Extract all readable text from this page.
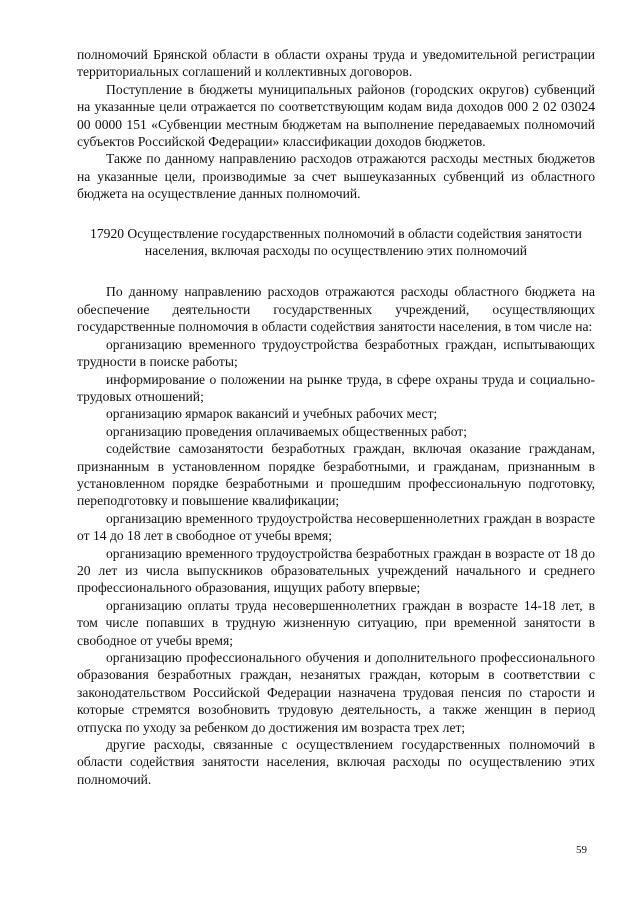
полномочий Брянской области в области охраны труда и уведомительной регистрации территориальных соглашений и коллективных договоров.

Поступление в бюджеты муниципальных районов (городских округов) субвенций на указанные цели отражается по соответствующим кодам вида доходов 000 2 02 03024 00 0000 151 «Субвенции местным бюджетам на выполнение передаваемых полномочий субъектов Российской Федерации» классификации доходов бюджетов.

Также по данному направлению расходов отражаются расходы местных бюджетов на указанные цели, производимые за счет вышеуказанных субвенций из областного бюджета на осуществление данных полномочий.

17920 Осуществление государственных полномочий в области содействия занятости населения, включая расходы по осуществлению этих полномочий

По данному направлению расходов отражаются расходы областного бюджета на обеспечение деятельности государственных учреждений, осуществляющих государственные полномочия в области содействия занятости населения, в том числе на:

организацию временного трудоустройства безработных граждан, испытывающих трудности в поиске работы;

информирование о положении на рынке труда, в сфере охраны труда и социально-трудовых отношений;

организацию ярмарок вакансий и учебных рабочих мест;

организацию проведения оплачиваемых общественных работ;

содействие самозанятости безработных граждан, включая оказание гражданам, признанным в установленном порядке безработными, и гражданам, признанным в установленном порядке безработными и прошедшим профессиональную подготовку, переподготовку и повышение квалификации;

организацию временного трудоустройства несовершеннолетних граждан в возрасте от 14 до 18 лет в свободное от учебы время;

организацию временного трудоустройства безработных граждан в возрасте от 18 до 20 лет из числа выпускников образовательных учреждений начального и среднего профессионального образования, ищущих работу впервые;

организацию оплаты труда несовершеннолетних граждан в возрасте 14-18 лет, в том числе попавших в трудную жизненную ситуацию, при временной занятости в свободное от учебы время;

организацию профессионального обучения и дополнительного профессионального образования безработных граждан, незанятых граждан, которым в соответствии с законодательством Российской Федерации назначена трудовая пенсия по старости и которые стремятся возобновить трудовую деятельность, а также женщин в период отпуска по уходу за ребенком до достижения им возраста трех лет;

другие расходы, связанные с осуществлением государственных полномочий в области содействия занятости населения, включая расходы по осуществлению этих полномочий.

59
